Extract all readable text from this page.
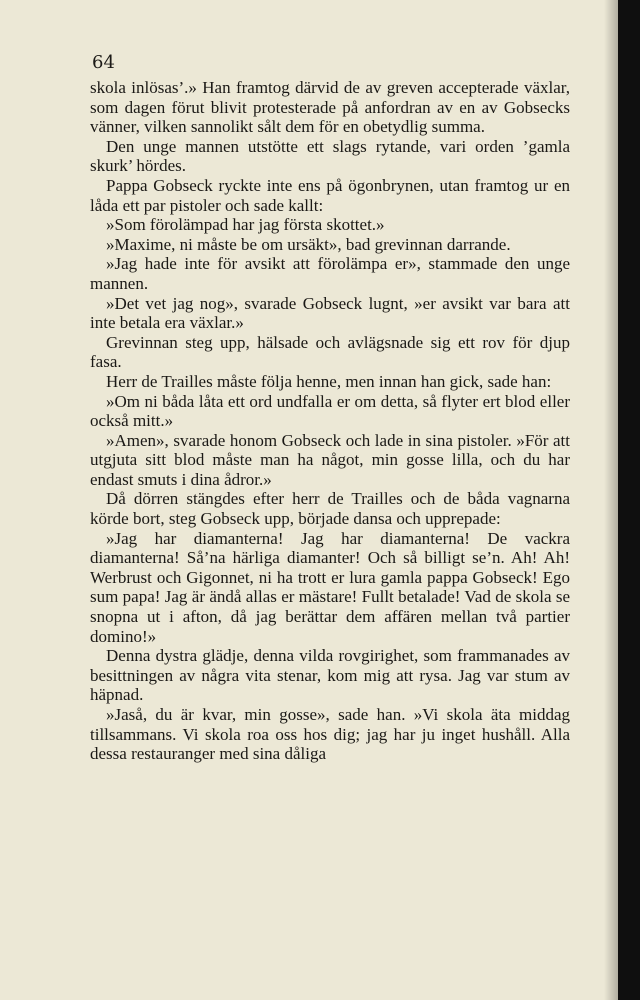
64

skola inlösas’.» Han framtog därvid de av greven accepterade växlar, som dagen förut blivit protesterade på anfordran av en av Gobsecks vänner, vilken sannolikt sålt dem för en obetydlig summa.

Den unge mannen utstötte ett slags rytande, vari orden ’gamla skurk’ hördes.

Pappa Gobseck ryckte inte ens på ögonbrynen, utan framtog ur en låda ett par pistoler och sade kallt:

»Som förolämpad har jag första skottet.»

»Maxime, ni måste be om ursäkt», bad grevinnan darrande.

»Jag hade inte för avsikt att förolämpa er», stammade den unge mannen.

»Det vet jag nog», svarade Gobseck lugnt, »er avsikt var bara att inte betala era växlar.»

Grevinnan steg upp, hälsade och avlägsnade sig ett rov för djup fasa.

Herr de Trailles måste följa henne, men innan han gick, sade han:

»Om ni båda låta ett ord undfalla er om detta, så flyter ert blod eller också mitt.»

»Amen», svarade honom Gobseck och lade in sina pistoler. »För att utgjuta sitt blod måste man ha något, min gosse lilla, och du har endast smuts i dina ådror.»

Då dörren stängdes efter herr de Trailles och de båda vagnarna körde bort, steg Gobseck upp, började dansa och upprepade:

»Jag har diamanterna! Jag har diamanterna! De vackra diamanterna! Så’na härliga diamanter! Och så billigt se’n. Ah! Ah! Werbrust och Gigonnet, ni ha trott er lura gamla pappa Gobseck! Ego sum papa! Jag är ändå allas er mästare! Fullt betalade! Vad de skola se snopna ut i afton, då jag berättar dem affären mellan två partier domino!»

Denna dystra glädje, denna vilda rovgirighet, som frammanades av besittningen av några vita stenar, kom mig att rysa. Jag var stum av häpnad.

»Jaså, du är kvar, min gosse», sade han. »Vi skola äta middag tillsammans. Vi skola roa oss hos dig; jag har ju inget hushåll. Alla dessa restauranger med sina dåliga
